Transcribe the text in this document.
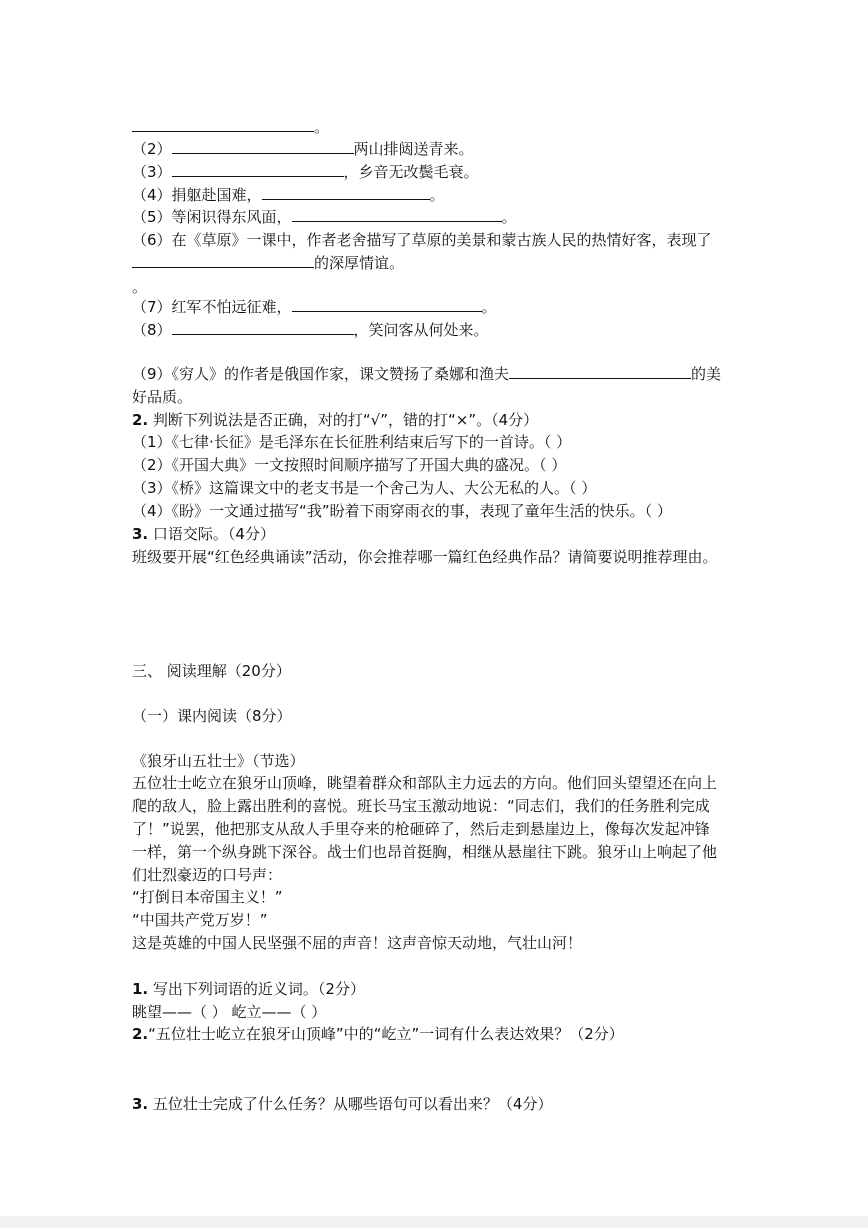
。
（2）	两山排闼送青来。
（3）	，乡音无改鬓毛衰。
（4）捐躯赴国难，	。
（5）等闲识得东风面，	。
（6）在《草原》一课中，作者老舍描写了草原的美景和蒙古族人民的热情好客，表现了
的深厚情谊。
。
（7）红军不怕远征难，	。
（8）	，笑问客从何处来。
（9）《穷人》的作者是俄国作家，课文赞扬了桑娜和渔夫	的美
好品质。
2. 判断下列说法是否正确，对的打“√”，错的打“×”。（4分）
（1）《七律·长征》是毛泽东在长征胜利结束后写下的一首诗。（ ）
（2）《开国大典》一文按照时间顺序描写了开国大典的盛况。（ ）
（3）《桥》这篇课文中的老支书是一个舍己为人、大公无私的人。（ ）
（4）《盼》一文通过描写“我”盼着下雨穿雨衣的事，表现了童年生活的快乐。（ ）
3. 口语交际。（4分）
班级要开展“红色经典诵读”活动，你会推荐哪一篇红色经典作品？请简要说明推荐理由。
三、 阅读理解（20分）
（一）课内阅读（8分）
《狼牙山五壮士》（节选）
五位壮士屹立在狼牙山顶峰，眺望着群众和部队主力远去的方向。他们回头望望还在向上
爬的敌人，脸上露出胜利的喜悦。班长马宝玉激动地说：“同志们，我们的任务胜利完成
了！”说罢，他把那支从敌人手里夺来的枪砸碎了，然后走到悬崖边上，像每次发起冲锋
一样，第一个纵身跳下深谷。战士们也昂首挺胸，相继从悬崖往下跳。狼牙山上响起了他
们壮烈豪迈的口号声：
“打倒日本帝国主义！”
“中国共产党万岁！”
这是英雄的中国人民坚强不屈的声音！这声音惊天动地，气壮山河！
1. 写出下列词语的近义词。（2分）
眺望——（ ） 屹立——（ ）
2.“五位壮士屹立在狼牙山顶峰”中的“屹立”一词有什么表达效果？（2分）
3. 五位壮士完成了什么任务？从哪些语句可以看出来？（4分）
